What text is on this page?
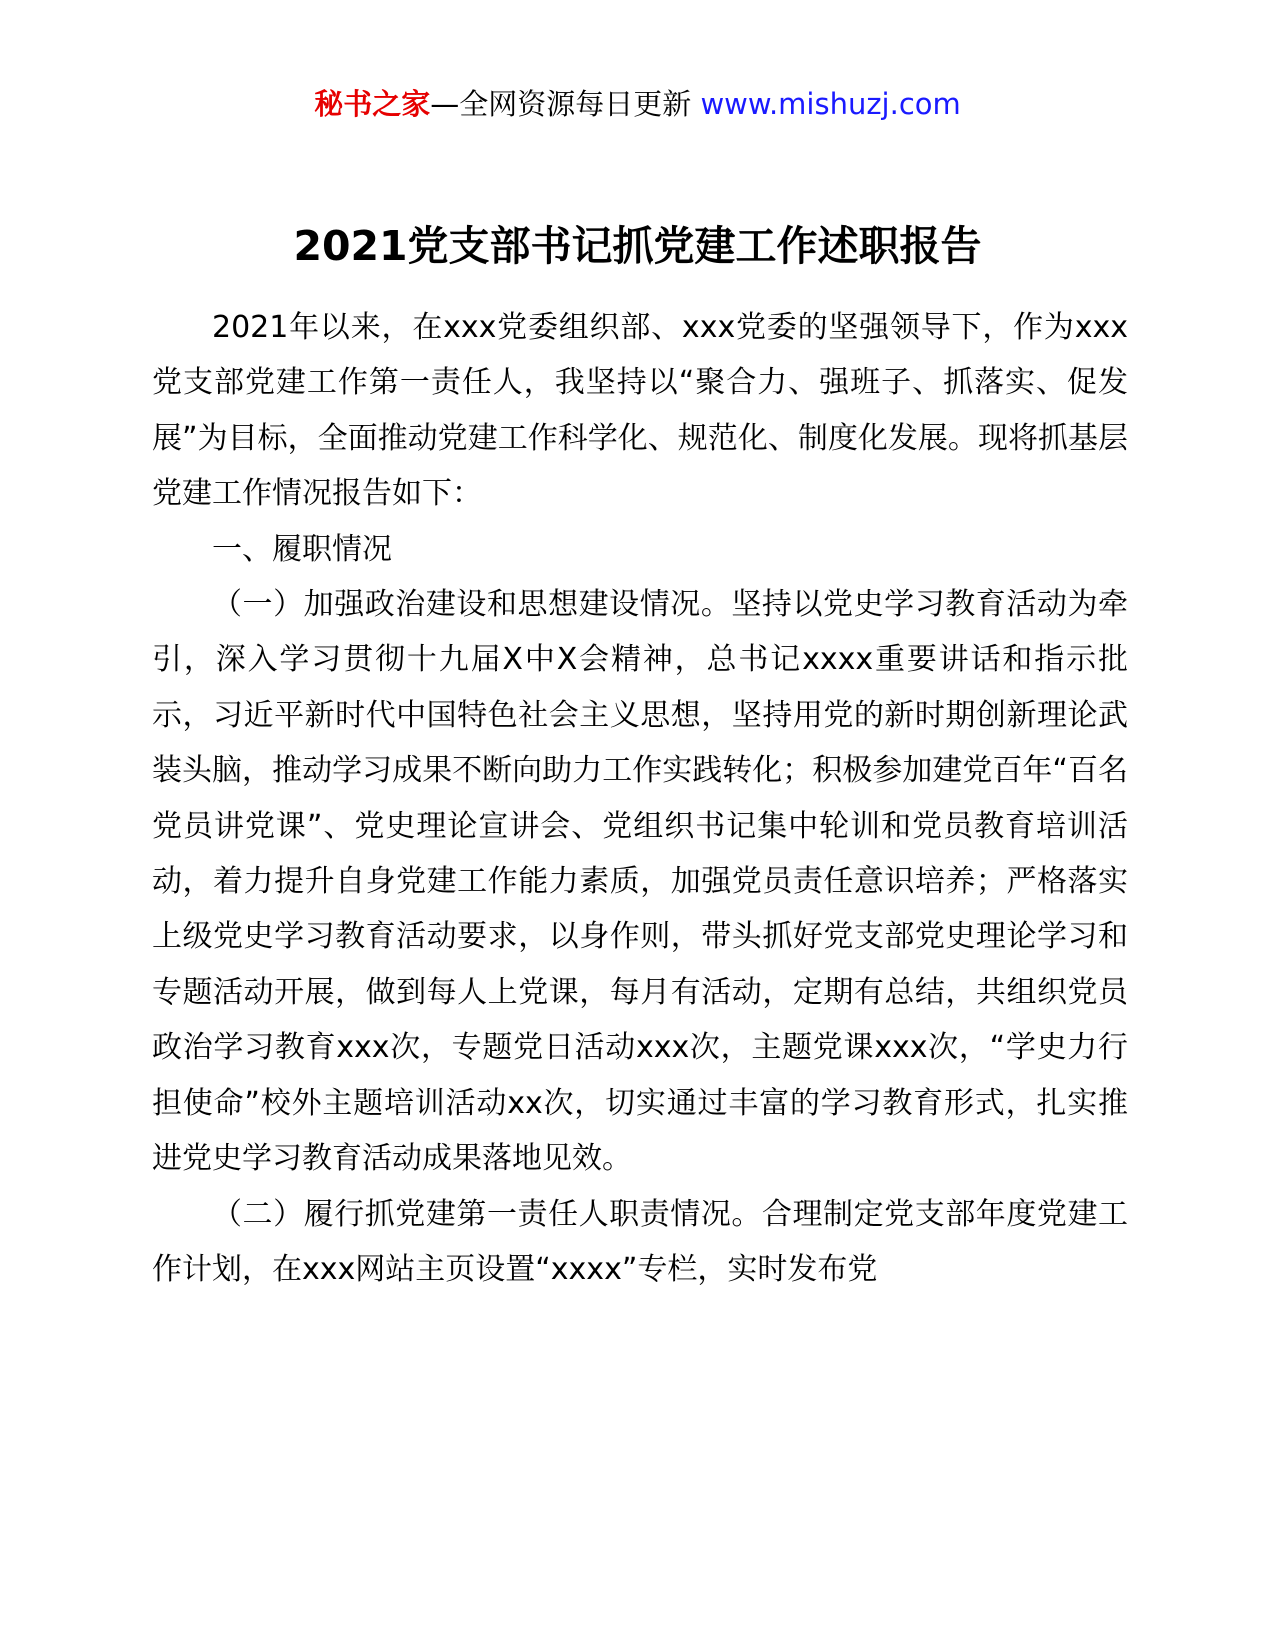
秘书之家—全网资源每日更新 www.mishuzj.com
2021党支部书记抓党建工作述职报告

2021年以来，在xxx党委组织部、xxx党委的坚强领导下，作为xxx党支部党建工作第一责任人，我坚持以“聚合力、强班子、抓落实、促发展”为目标，全面推动党建工作科学化、规范化、制度化发展。现将抓基层党建工作情况报告如下：

一、履职情况

（一）加强政治建设和思想建设情况。坚持以党史学习教育活动为牵引，深入学习贯彻十九届X中X会精神，总书记xxxx重要讲话和指示批示，习近平新时代中国特色社会主义思想，坚持用党的新时期创新理论武装头脑，推动学习成果不断向助力工作实践转化；积极参加建党百年“百名党员讲党课”、党史理论宣讲会、党组织书记集中轮训和党员教育培训活动，着力提升自身党建工作能力素质，加强党员责任意识培养；严格落实上级党史学习教育活动要求，以身作则，带头抓好党支部党史理论学习和专题活动开展，做到每人上党课，每月有活动，定期有总结，共组织党员政治学习教育xxx次，专题党日活动xxx次，主题党课xxx次，“学史力行担使命”校外主题培训活动xx次，切实通过丰富的学习教育形式，扎实推进党史学习教育活动成果落地见效。

（二）履行抓党建第一责任人职责情况。合理制定党支部年度党建工作计划，在xxx网站主页设置“xxxx”专栏，实时发布党
